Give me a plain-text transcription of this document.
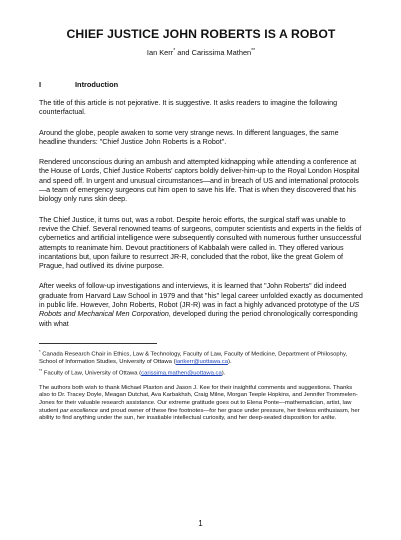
CHIEF JUSTICE JOHN ROBERTS IS A ROBOT
Ian Kerr* and Carissima Mathen**
I	Introduction

The title of this article is not pejorative. It is suggestive. It asks readers to imagine the following counterfactual.

Around the globe, people awaken to some very strange news. In different languages, the same headline thunders: "Chief Justice John Roberts is a Robot".

Rendered unconscious during an ambush and attempted kidnapping while attending a conference at the House of Lords, Chief Justice Roberts' captors boldly deliver-him-up to the Royal London Hospital and speed off. In urgent and unusual circumstances—and in breach of US and international protocols—a team of emergency surgeons cut him open to save his life. That is when they discovered that his biology only runs skin deep.

The Chief Justice, it turns out, was a robot. Despite heroic efforts, the surgical staff was unable to revive the Chief. Several renowned teams of surgeons, computer scientists and experts in the fields of cybernetics and artificial intelligence were subsequently consulted with numerous further unsuccessful attempts to reanimate him. Devout practitioners of Kabbalah were called in. They offered various incantations but, upon failure to resurrect JR-R, concluded that the robot, like the great Golem of Prague, had outlived its divine purpose.

After weeks of follow-up investigations and interviews, it is learned that "John Roberts" did indeed graduate from Harvard Law School in 1979 and that "his" legal career unfolded exactly as documented in public life. However, John Roberts, Robot (JR-R) was in fact a highly advanced prototype of the US Robots and Mechanical Men Corporation, developed during the period chronologically corresponding with what

* Canada Research Chair in Ethics, Law & Technology, Faculty of Law, Faculty of Medicine, Department of Philosophy, School of Information Studies, University of Ottawa (iankerr@uottawa.ca).

** Faculty of Law, University of Ottawa (carissima.mathen@uottawa.ca).

The authors both wish to thank Michael Plaxton and Jason J. Kee for their insightful comments and suggestions. Thanks also to Dr. Tracey Doyle, Meagan Dutchat, Ava Karbakhsh, Craig Milne, Morgan Teeple Hopkins, and Jennifer Trommelen-Jones for their valuable research assistance. Our extreme gratitude goes out to Elena Ponte—mathematician, artist, law student par excellence and proud owner of these fine footnotes—for her grace under pressure, her tireless enthusiasm, her ability to find anything under the sun, her insatiable intellectual curiosity, and her deep-seated disposition for arête.

1
